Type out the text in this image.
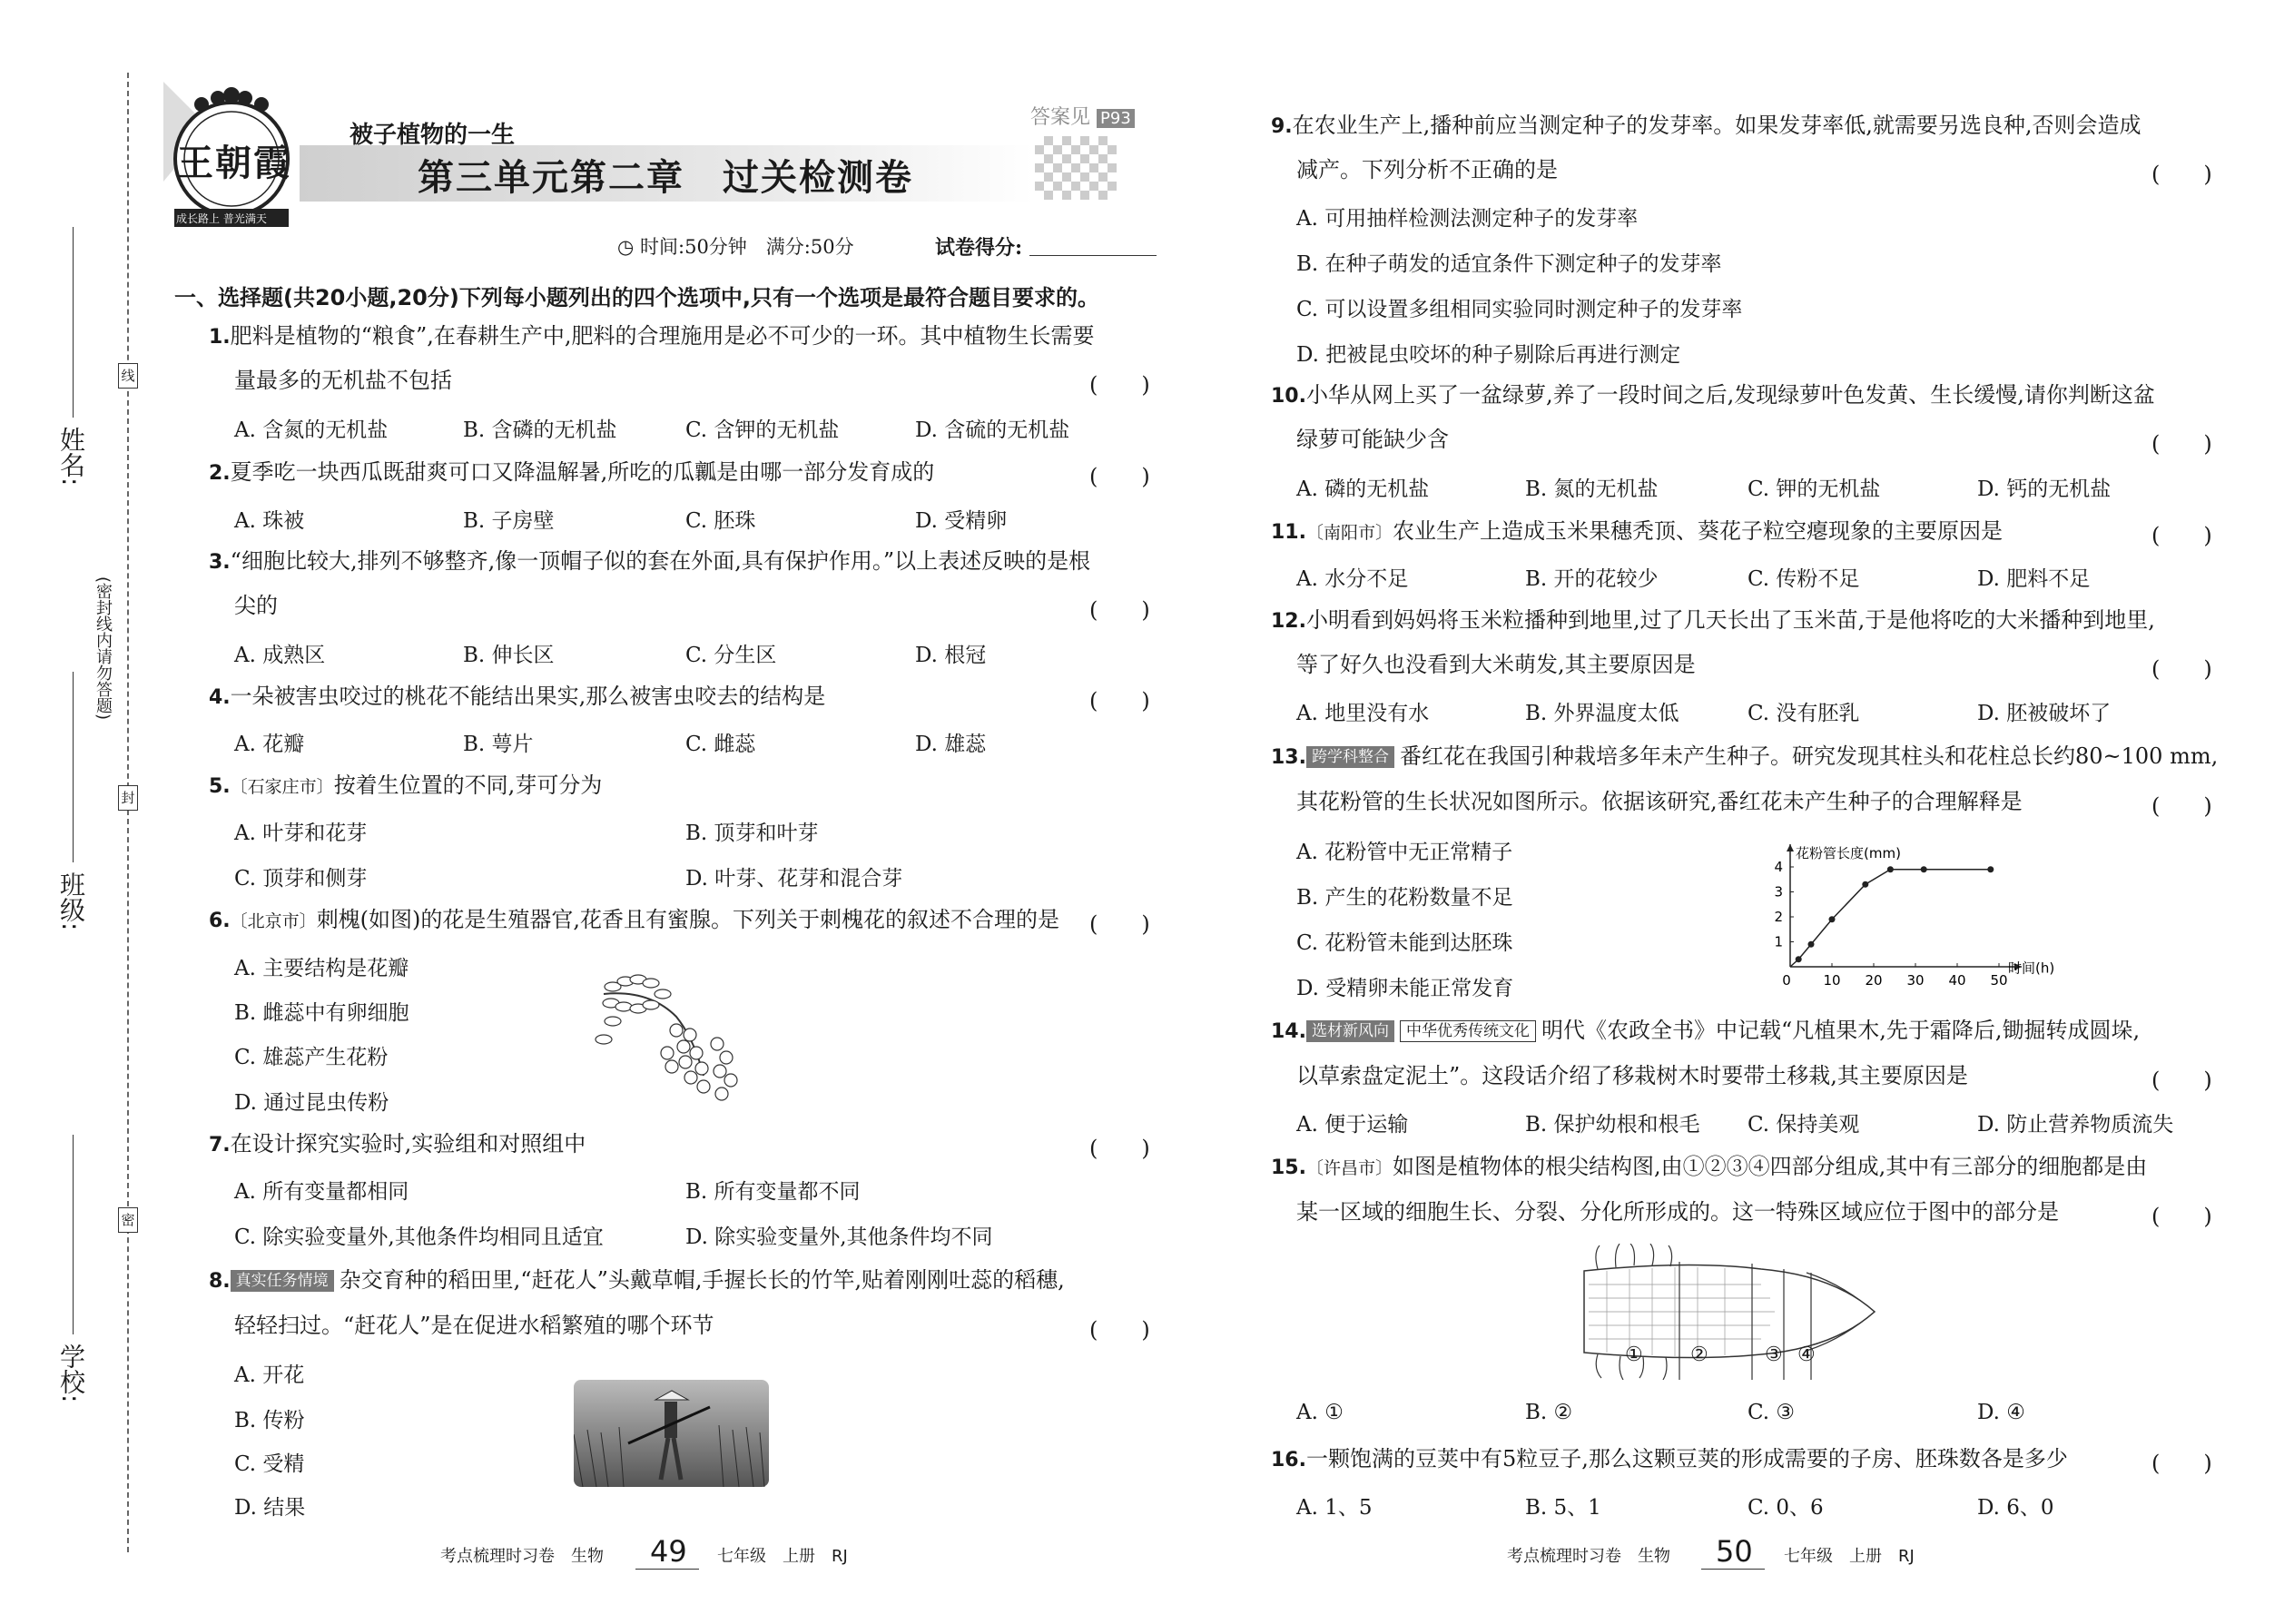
姓名:
班级:
学校:
(密封线内请勿答题)
线
封
密
王朝霞
成长路上 普光满天
被子植物的一生
第三单元第二章　过关检测卷
答案见 P93
◷ 时间:50分钟　满分:50分	试卷得分:
一、选择题(共20小题,20分)下列每小题列出的四个选项中,只有一个选项是最符合题目要求的。
1.肥料是植物的“粮食”,在春耕生产中,肥料的合理施用是必不可少的一环。其中植物生长需要
量最多的无机盐不包括	(　　)
A. 含氮的无机盐	B. 含磷的无机盐	C. 含钾的无机盐	D. 含硫的无机盐
2.夏季吃一块西瓜既甜爽可口又降温解暑,所吃的瓜瓤是由哪一部分发育成的	(　　)
A. 珠被	B. 子房壁	C. 胚珠	D. 受精卵
3.“细胞比较大,排列不够整齐,像一顶帽子似的套在外面,具有保护作用。”以上表述反映的是根
尖的	(　　)
A. 成熟区	B. 伸长区	C. 分生区	D. 根冠
4.一朵被害虫咬过的桃花不能结出果实,那么被害虫咬去的结构是	(　　)
A. 花瓣	B. 萼片	C. 雌蕊	D. 雄蕊
5.〔石家庄市〕按着生位置的不同,芽可分为
A. 叶芽和花芽	B. 顶芽和叶芽
C. 顶芽和侧芽	D. 叶芽、花芽和混合芽
6.〔北京市〕刺槐(如图)的花是生殖器官,花香且有蜜腺。下列关于刺槐花的叙述不合理的是 (　　)
A. 主要结构是花瓣
B. 雌蕊中有卵细胞
C. 雄蕊产生花粉
D. 通过昆虫传粉
7.在设计探究实验时,实验组和对照组中	(　　)
A. 所有变量都相同	B. 所有变量都不同
C. 除实验变量外,其他条件均相同且适宜	D. 除实验变量外,其他条件均不同
8. 真实任务情境 杂交育种的稻田里,“赶花人”头戴草帽,手握长长的竹竿,贴着刚刚吐蕊的稻穗,
轻轻扫过。“赶花人”是在促进水稻繁殖的哪个环节	(　　)
A. 开花
B. 传粉
C. 受精
D. 结果
9.在农业生产上,播种前应当测定种子的发芽率。如果发芽率低,就需要另选良种,否则会造成
减产。下列分析不正确的是	(　　)
A. 可用抽样检测法测定种子的发芽率
B. 在种子萌发的适宜条件下测定种子的发芽率
C. 可以设置多组相同实验同时测定种子的发芽率
D. 把被昆虫咬坏的种子剔除后再进行测定
10.小华从网上买了一盆绿萝,养了一段时间之后,发现绿萝叶色发黄、生长缓慢,请你判断这盆
绿萝可能缺少含	(　　)
A. 磷的无机盐	B. 氮的无机盐	C. 钾的无机盐	D. 钙的无机盐
11.〔南阳市〕农业生产上造成玉米果穗秃顶、葵花子粒空瘪现象的主要原因是	(　　)
A. 水分不足	B. 开的花较少	C. 传粉不足	D. 肥料不足
12.小明看到妈妈将玉米粒播种到地里,过了几天长出了玉米苗,于是他将吃的大米播种到地里,
等了好久也没看到大米萌发,其主要原因是	(　　)
A. 地里没有水	B. 外界温度太低	C. 没有胚乳	D. 胚被破坏了
13. 跨学科整合 番红花在我国引种栽培多年未产生种子。研究发现其柱头和花柱总长约80~100 mm,
其花粉管的生长状况如图所示。依据该研究,番红花未产生种子的合理解释是	(　　)
A. 花粉管中无正常精子
B. 产生的花粉数量不足
C. 花粉管未能到达胚珠
D. 受精卵未能正常发育
花粉管长度(mm)
时间(h)
0 10 20 30 40 50
1
2
3
4
14. 选材新风向 中华优秀传统文化 明代《农政全书》中记载“凡植果木,先于霜降后,锄掘转成圆垛,
以草索盘定泥土”。这段话介绍了移栽树木时要带土移栽,其主要原因是	(　　)
A. 便于运输	B. 保护幼根和根毛 C. 保持美观	D. 防止营养物质流失
15.〔许昌市〕如图是植物体的根尖结构图,由①②③④四部分组成,其中有三部分的细胞都是由
某一区域的细胞生长、分裂、分化所形成的。这一特殊区域应位于图中的部分是	(　　)
① ②	③ ④
A. ①	B. ②	C. ③	D. ④
16.一颗饱满的豆荚中有5粒豆子,那么这颗豆荚的形成需要的子房、胚珠数各是多少	(　　)
A. 1、5	B. 5、1	C. 0、6	D. 6、0
考点梳理时习卷　生物 49 七年级　上册　RJ	考点梳理时习卷　生物 50 七年级　上册　RJ
